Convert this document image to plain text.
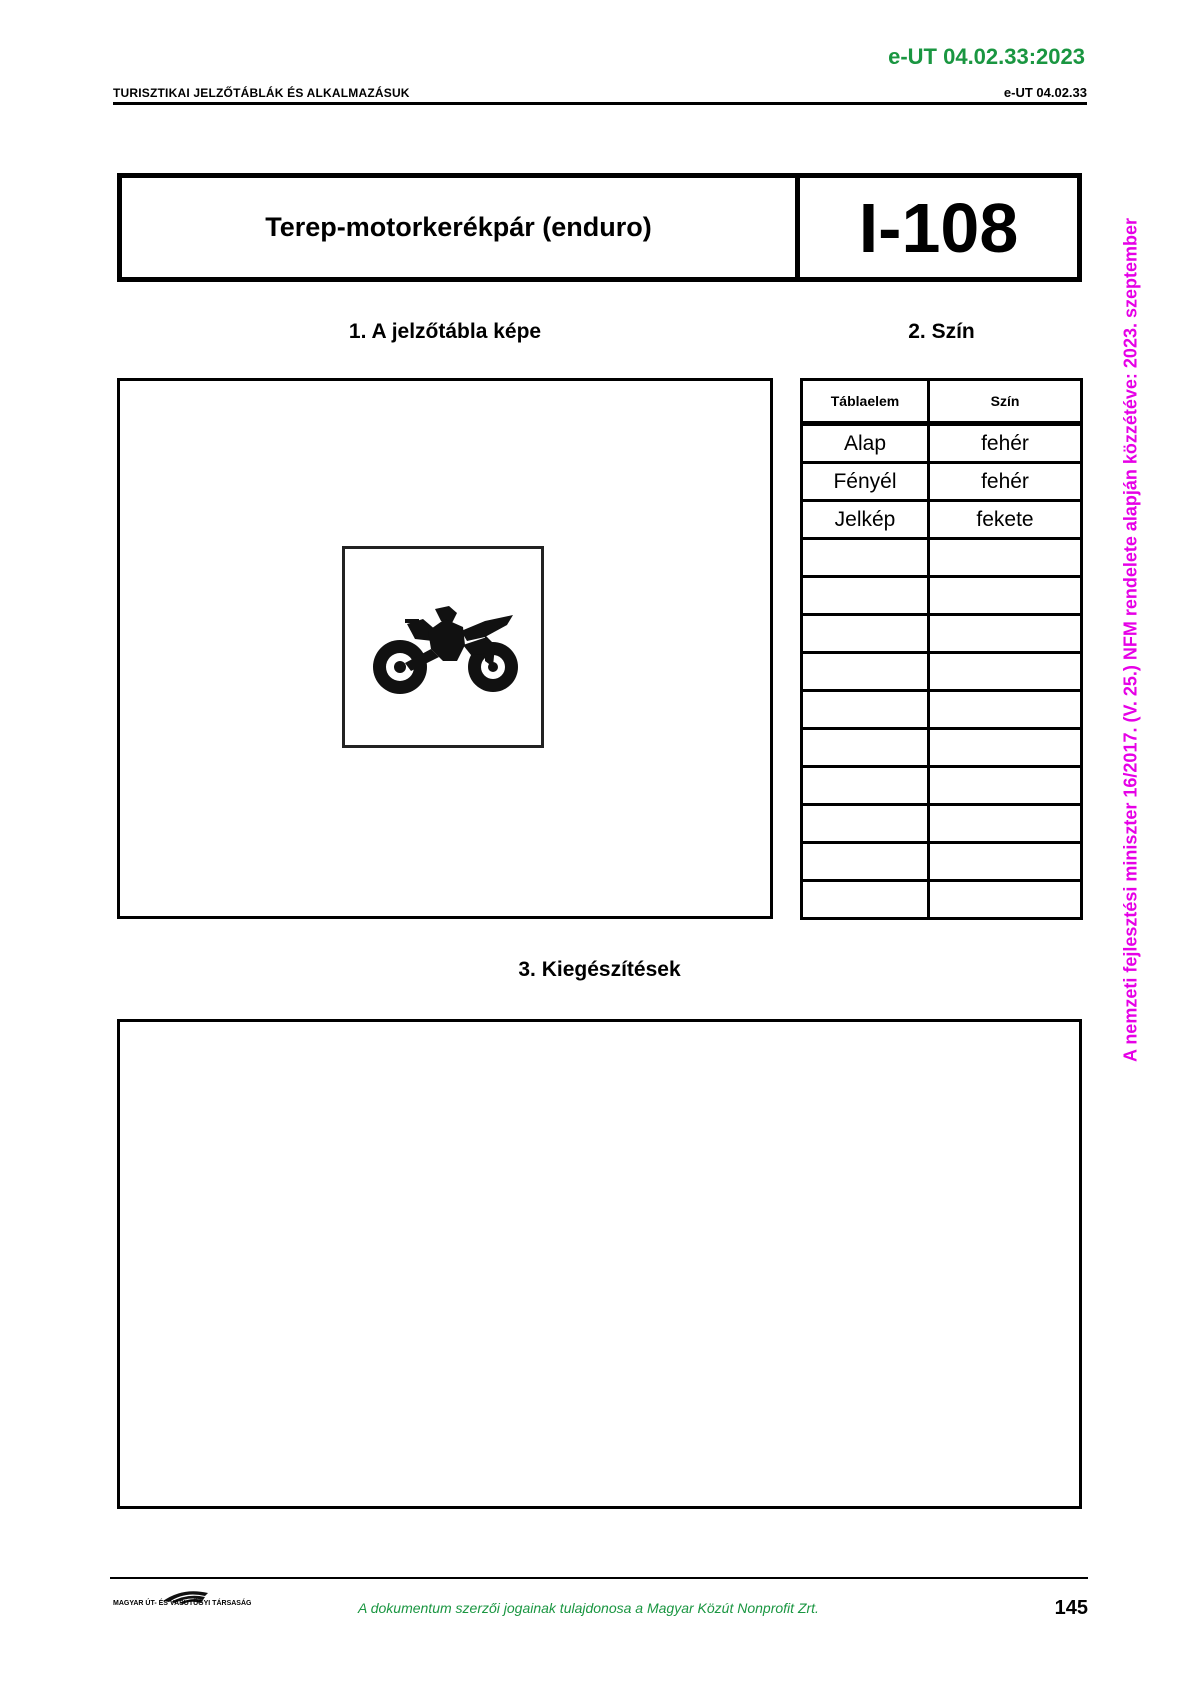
e-UT 04.02.33:2023
TURISZTIKAI JELZŐTÁBLÁK ÉS ALKALMAZÁSUK	e-UT 04.02.33
Terep-motorkerékpár (enduro)	I-108
1. A jelzőtábla képe	2. Szín
Táblaelem	Szín
Alap	fehér
Fényél	fehér
Jelkép	fekete

3. Kiegészítések	A nemzeti fejlesztési miniszter 16/2017. (V. 25.) NFM rendelete alapján közzétéve: 2023. szeptember
MAGYAR ÚT- ÉS VASÚTÜGYI TÁRSASÁG	A dokumentum szerzői jogainak tulajdonosa a Magyar Közút Nonprofit Zrt.	145
